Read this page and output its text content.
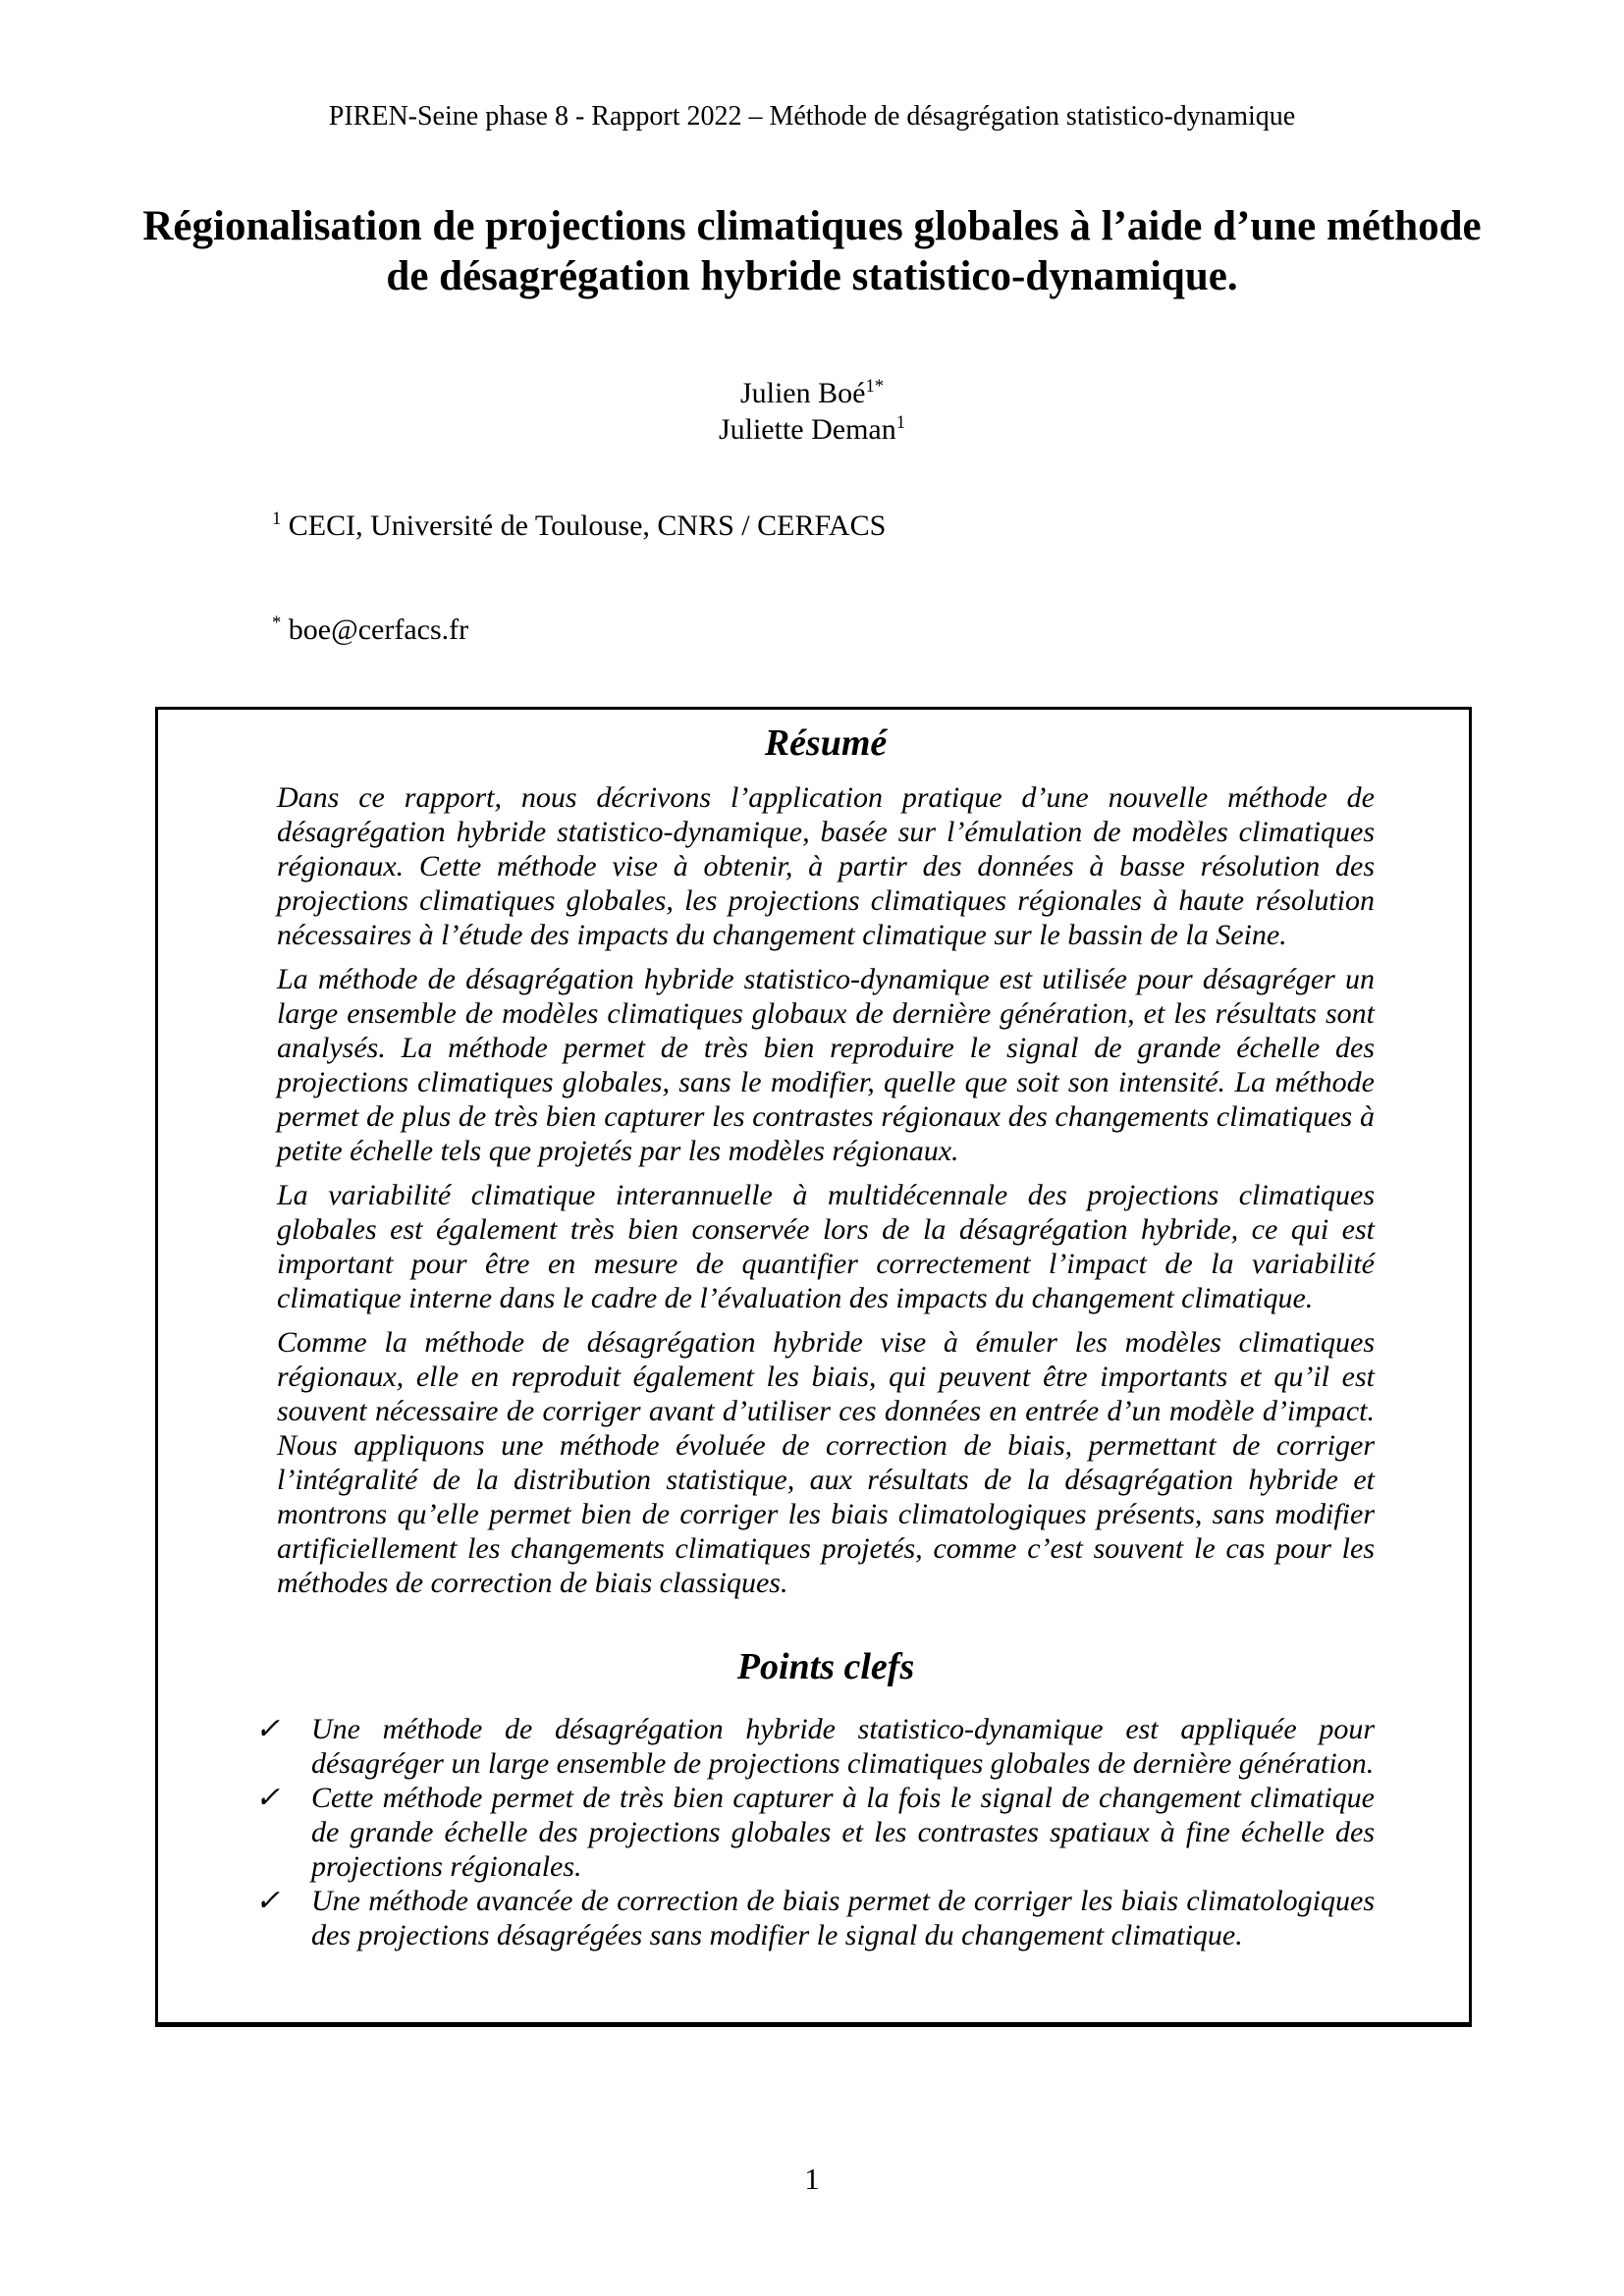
PIREN-Seine phase 8 - Rapport 2022 – Méthode de désagrégation statistico-dynamique
Régionalisation de projections climatiques globales à l’aide d’une méthode de désagrégation hybride statistico-dynamique.
Julien Boé$^{1*}$
Juliette Deman$^1$
$^1$ CECI, Université de Toulouse, CNRS / CERFACS
* boe@cerfacs.fr
Résumé

Dans ce rapport, nous décrivons l’application pratique d’une nouvelle méthode de désagrégation hybride statistico-dynamique, basée sur l’émulation de modèles climatiques régionaux. Cette méthode vise à obtenir, à partir des données à basse résolution des projections climatiques globales, les projections climatiques régionales à haute résolution nécessaires à l’étude des impacts du changement climatique sur le bassin de la Seine.

La méthode de désagrégation hybride statistico-dynamique est utilisée pour désagréger un large ensemble de modèles climatiques globaux de dernière génération, et les résultats sont analysés. La méthode permet de très bien reproduire le signal de grande échelle des projections climatiques globales, sans le modifier, quelle que soit son intensité. La méthode permet de plus de très bien capturer les contrastes régionaux des changements climatiques à petite échelle tels que projetés par les modèles régionaux.

La variabilité climatique interannuelle à multidécennale des projections climatiques globales est également très bien conservée lors de la désagrégation hybride, ce qui est important pour être en mesure de quantifier correctement l’impact de la variabilité climatique interne dans le cadre de l’évaluation des impacts du changement climatique.

Comme la méthode de désagrégation hybride vise à émuler les modèles climatiques régionaux, elle en reproduit également les biais, qui peuvent être importants et qu’il est souvent nécessaire de corriger avant d’utiliser ces données en entrée d’un modèle d’impact. Nous appliquons une méthode évoluée de correction de biais, permettant de corriger l’intégralité de la distribution statistique, aux résultats de la désagrégation hybride et montrons qu’elle permet bien de corriger les biais climatologiques présents, sans modifier artificiellement les changements climatiques projetés, comme c’est souvent le cas pour les méthodes de correction de biais classiques.

Points clefs
✓ Une méthode de désagrégation hybride statistico-dynamique est appliquée pour désagréger un large ensemble de projections climatiques globales de dernière génération.
✓ Cette méthode permet de très bien capturer à la fois le signal de changement climatique de grande échelle des projections globales et les contrastes spatiaux à fine échelle des projections régionales.
✓ Une méthode avancée de correction de biais permet de corriger les biais climatologiques des projections désagrégées sans modifier le signal du changement climatique.
1
